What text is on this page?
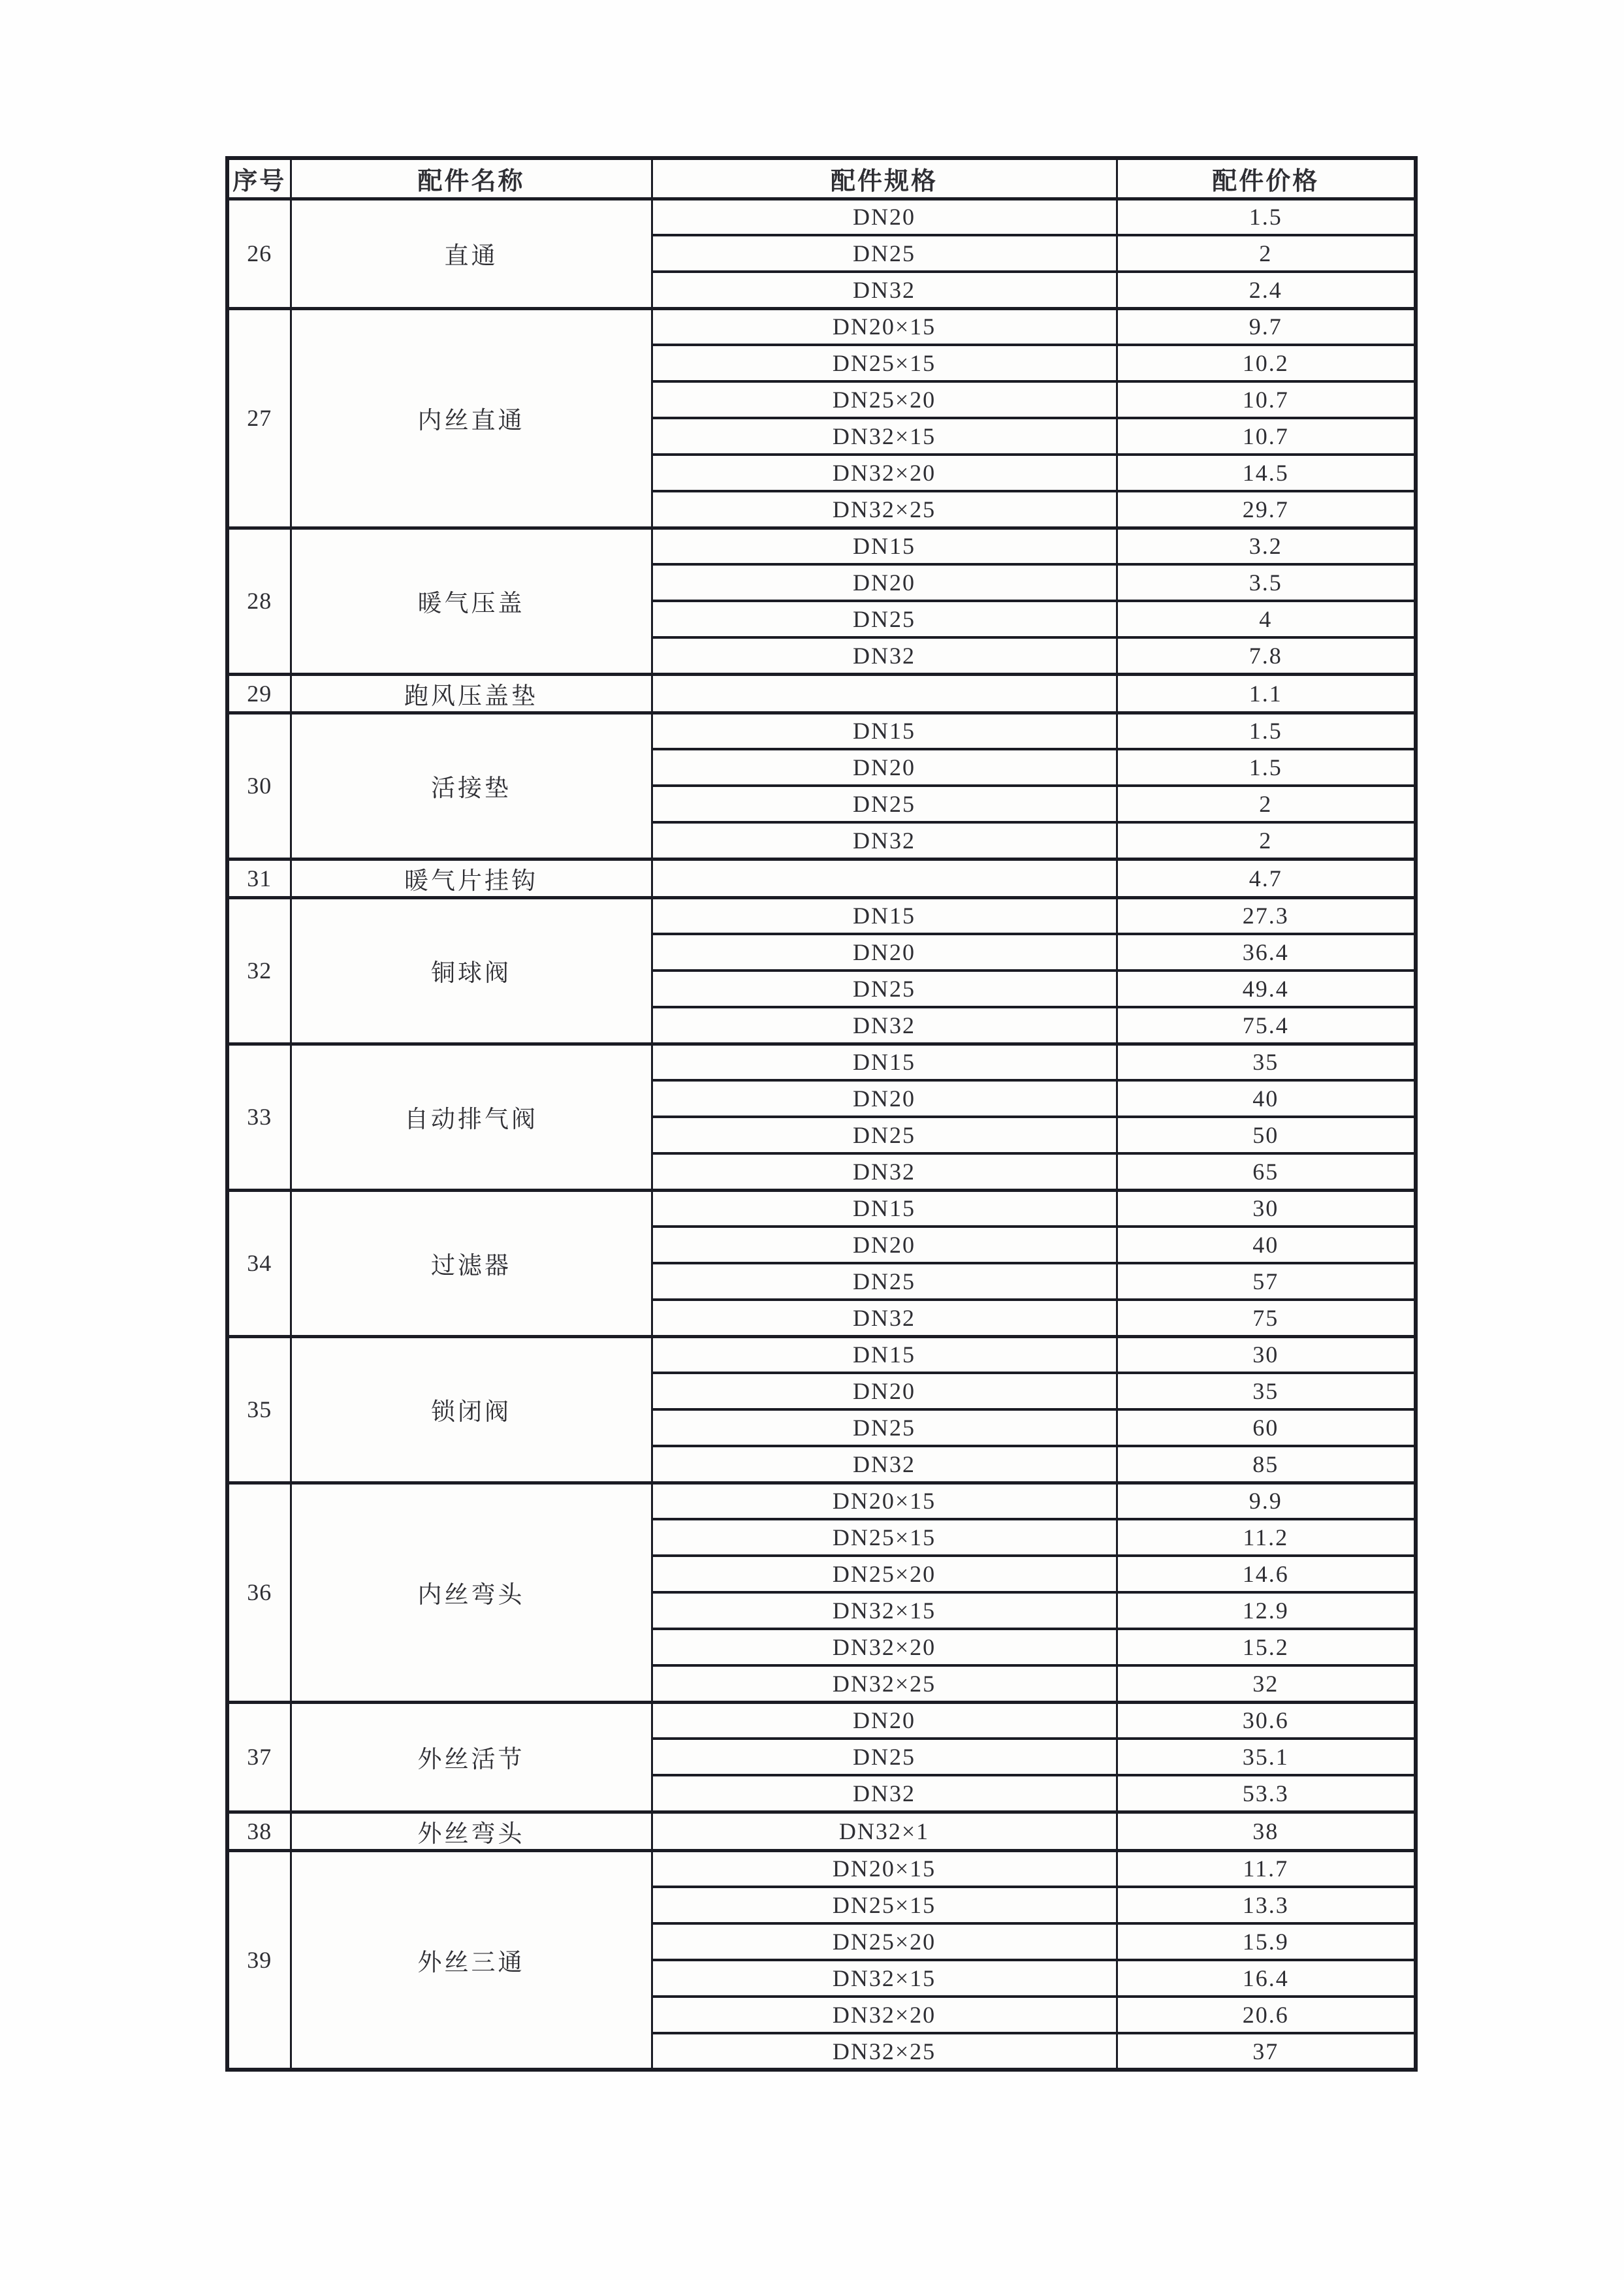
序号	配件名称	配件规格	配件价格
26	直通	DN20	1.5
		DN25	2
		DN32	2.4
27	内丝直通	DN20×15	9.7
		DN25×15	10.2
		DN25×20	10.7
		DN32×15	10.7
		DN32×20	14.5
		DN32×25	29.7
28	暖气压盖	DN15	3.2
		DN20	3.5
		DN25	4
		DN32	7.8
29	跑风压盖垫		1.1
30	活接垫	DN15	1.5
		DN20	1.5
		DN25	2
		DN32	2
31	暖气片挂钩		4.7
32	铜球阀	DN15	27.3
		DN20	36.4
		DN25	49.4
		DN32	75.4
33	自动排气阀	DN15	35
		DN20	40
		DN25	50
		DN32	65
34	过滤器	DN15	30
		DN20	40
		DN25	57
		DN32	75
35	锁闭阀	DN15	30
		DN20	35
		DN25	60
		DN32	85
36	内丝弯头	DN20×15	9.9
		DN25×15	11.2
		DN25×20	14.6
		DN32×15	12.9
		DN32×20	15.2
		DN32×25	32
37	外丝活节	DN20	30.6
		DN25	35.1
		DN32	53.3
38	外丝弯头	DN32×1	38
39	外丝三通	DN20×15	11.7
		DN25×15	13.3
		DN25×20	15.9
		DN32×15	16.4
		DN32×20	20.6
		DN32×25	37
